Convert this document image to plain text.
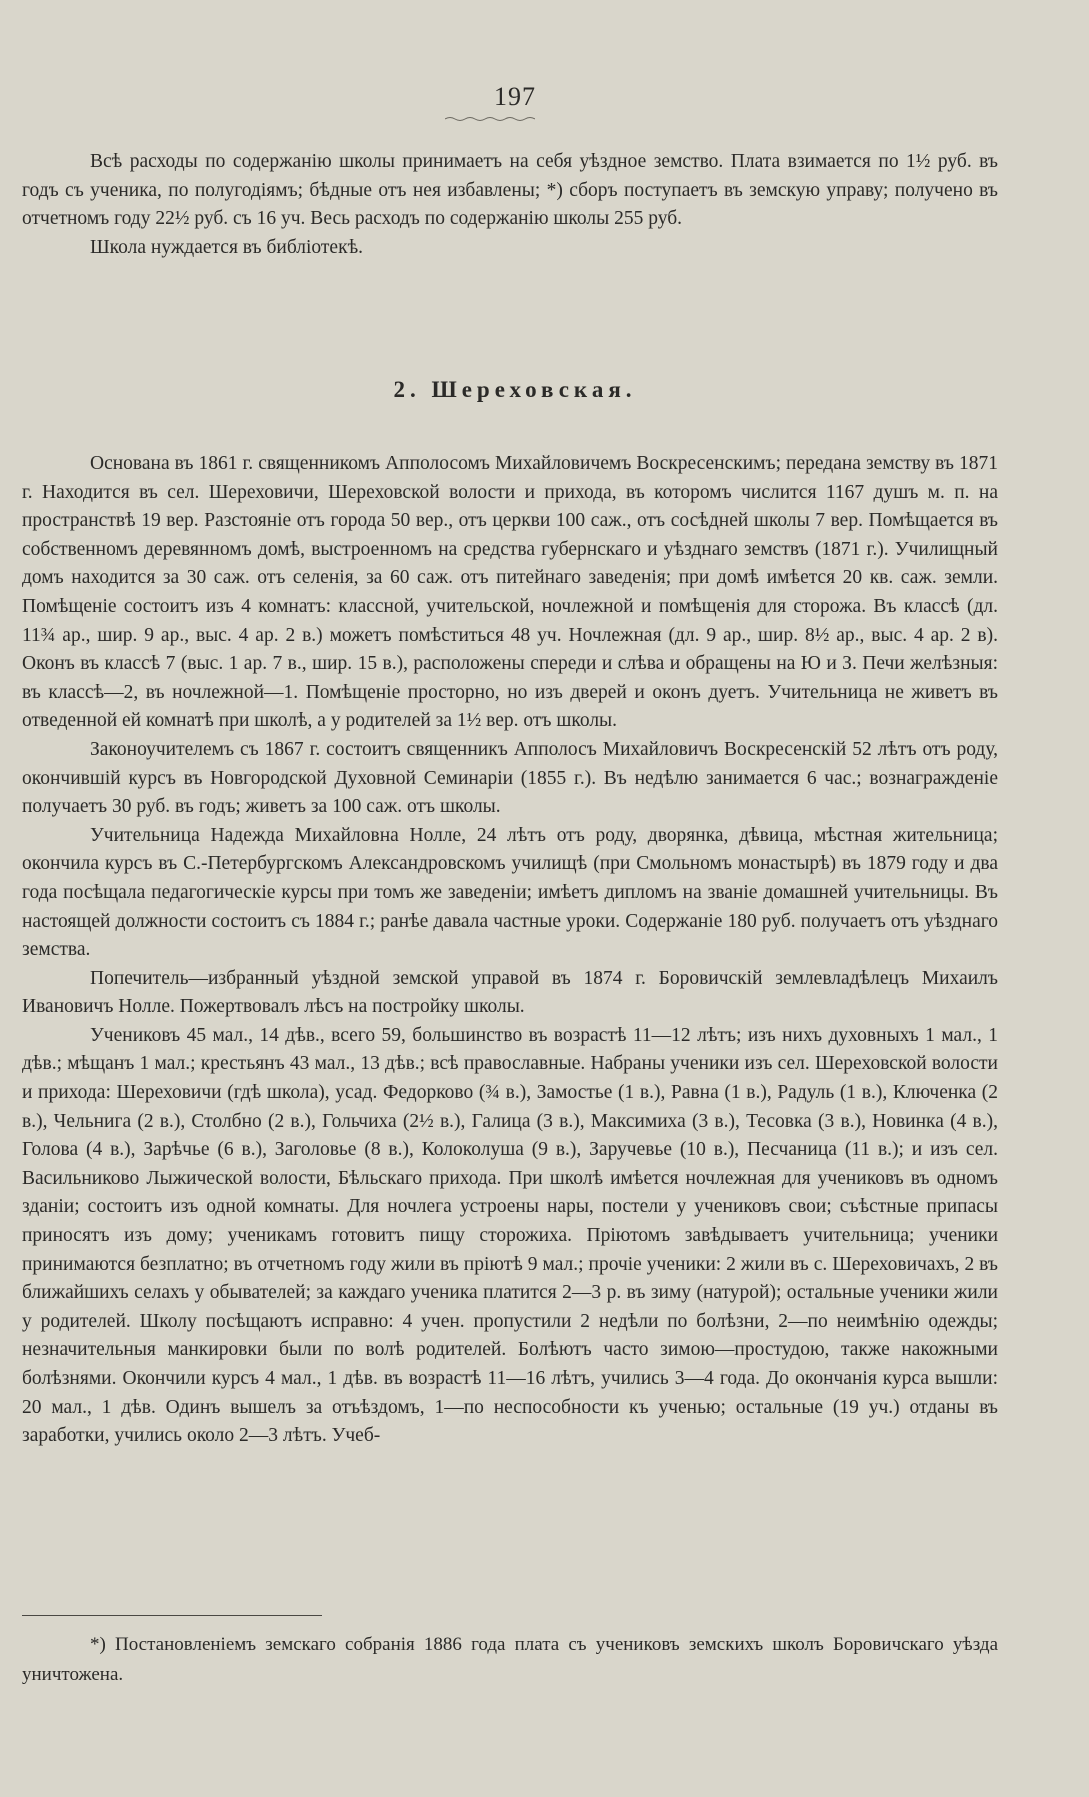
197

Всѣ расходы по содержанію школы принимаетъ на себя уѣздное земство. Плата взимается по 1½ руб. въ годъ съ ученика, по полугодіямъ; бѣдные отъ нея избавлены; *) сборъ поступаетъ въ земскую управу; получено въ отчетномъ году 22½ руб. съ 16 уч. Весь расходъ по содержанію школы 255 руб.

Школа нуждается въ библіотекѣ.

2. Шереховская.

Основана въ 1861 г. священникомъ Апполосомъ Михайловичемъ Воскресенскимъ; передана земству въ 1871 г. Находится въ сел. Шереховичи, Шереховской волости и прихода, въ которомъ числится 1167 душъ м. п. на пространствѣ 19 вер. Разстояніе отъ города 50 вер., отъ церкви 100 саж., отъ сосѣдней школы 7 вер. Помѣщается въ собственномъ деревянномъ домѣ, выстроенномъ на средства губернскаго и уѣзднаго земствъ (1871 г.). Училищный домъ находится за 30 саж. отъ селенія, за 60 саж. отъ питейнаго заведенія; при домѣ имѣется 20 кв. саж. земли. Помѣщеніе состоитъ изъ 4 комнатъ: классной, учительской, ночлежной и помѣщенія для сторожа. Въ классѣ (дл. 11¾ ар., шир. 9 ар., выс. 4 ар. 2 в.) можетъ помѣститься 48 уч. Ночлежная (дл. 9 ар., шир. 8½ ар., выс. 4 ар. 2 в). Оконъ въ классѣ 7 (выс. 1 ар. 7 в., шир. 15 в.), расположены спереди и слѣва и обращены на Ю и З. Печи желѣзныя: въ классѣ—2, въ ночлежной—1. Помѣщеніе просторно, но изъ дверей и оконъ дуетъ. Учительница не живетъ въ отведенной ей комнатѣ при школѣ, а у родителей за 1½ вер. отъ школы.

Законоучителемъ съ 1867 г. состоитъ священникъ Апполосъ Михайловичъ Воскресенскій 52 лѣтъ отъ роду, окончившій курсъ въ Новгородской Духовной Семинаріи (1855 г.). Въ недѣлю занимается 6 час.; вознагражденіе получаетъ 30 руб. въ годъ; живетъ за 100 саж. отъ школы.

Учительница Надежда Михайловна Нолле, 24 лѣтъ отъ роду, дворянка, дѣвица, мѣстная жительница; окончила курсъ въ С.-Петербургскомъ Александровскомъ училищѣ (при Смольномъ монастырѣ) въ 1879 году и два года посѣщала педагогическіе курсы при томъ же заведеніи; имѣетъ дипломъ на званіе домашней учительницы. Въ настоящей должности состоитъ съ 1884 г.; ранѣе давала частные уроки. Содержаніе 180 руб. получаетъ отъ уѣзднаго земства.

Попечитель—избранный уѣздной земской управой въ 1874 г. Боровичскій землевладѣлецъ Михаилъ Ивановичъ Нолле. Пожертвовалъ лѣсъ на постройку школы.

Учениковъ 45 мал., 14 дѣв., всего 59, большинство въ возрастѣ 11—12 лѣтъ; изъ нихъ духовныхъ 1 мал., 1 дѣв.; мѣщанъ 1 мал.; крестьянъ 43 мал., 13 дѣв.; всѣ православные. Набраны ученики изъ сел. Шереховской волости и прихода: Шереховичи (гдѣ школа), усад. Федорково (¾ в.), Замостье (1 в.), Равна (1 в.), Радуль (1 в.), Ключенка (2 в.), Чельнига (2 в.), Столбно (2 в.), Гольчиха (2½ в.), Галица (3 в.), Максимиха (3 в.), Тесовка (3 в.), Новинка (4 в.), Голова (4 в.), Зарѣчье (6 в.), Заголовье (8 в.), Колоколуша (9 в.), Заручевье (10 в.), Песчаница (11 в.); и изъ сел. Васильниково Лыжической волости, Бѣльскаго прихода. При школѣ имѣется ночлежная для учениковъ въ одномъ зданіи; состоитъ изъ одной комнаты. Для ночлега устроены нары, постели у учениковъ свои; съѣстные припасы приносятъ изъ дому; ученикамъ готовитъ пищу сторожиха. Пріютомъ завѣдываетъ учительница; ученики принимаются безплатно; въ отчетномъ году жили въ пріютѣ 9 мал.; прочіе ученики: 2 жили въ с. Шереховичахъ, 2 въ ближайшихъ селахъ у обывателей; за каждаго ученика платится 2—3 р. въ зиму (натурой); остальные ученики жили у родителей. Школу посѣщаютъ исправно: 4 учен. пропустили 2 недѣли по болѣзни, 2—по неимѣнію одежды; незначительныя манкировки были по волѣ родителей. Болѣютъ часто зимою—простудою, также накожными болѣзнями. Окончили курсъ 4 мал., 1 дѣв. въ возрастѣ 11—16 лѣтъ, учились 3—4 года. До окончанія курса вышли: 20 мал., 1 дѣв. Одинъ вышелъ за отъѣздомъ, 1—по неспособности къ ученью; остальные (19 уч.) отданы въ заработки, учились около 2—3 лѣтъ. Учеб-

*) Постановленіемъ земскаго собранія 1886 года плата съ учениковъ земскихъ школъ Боровичскаго уѣзда уничтожена.
